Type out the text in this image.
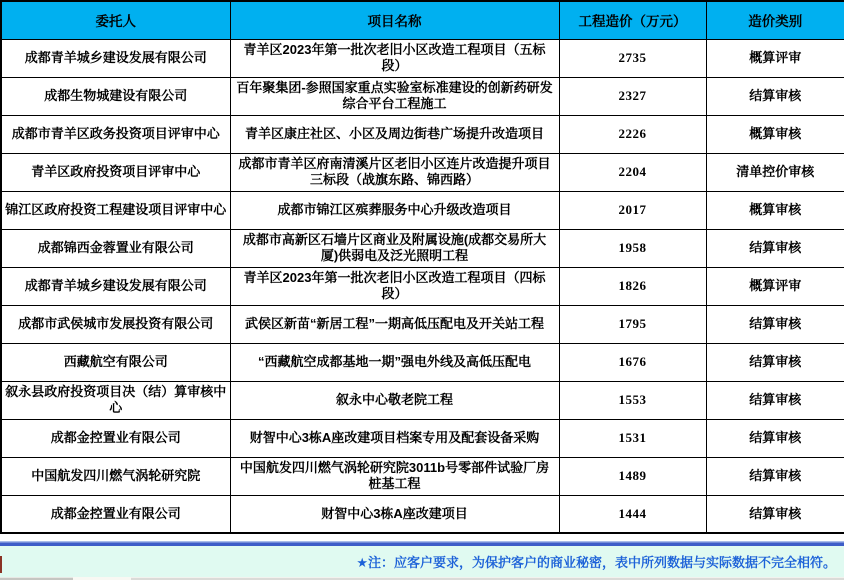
委托人	项目名称	工程造价（万元）	造价类别
成都青羊城乡建设发展有限公司	青羊区2023年第一批次老旧小区改造工程项目（五标段）	2735	概算评审
成都生物城建设有限公司	百年聚集团-参照国家重点实验室标准建设的创新药研发综合平台工程施工	2327	结算审核
成都市青羊区政务投资项目评审中心	青羊区康庄社区、小区及周边街巷广场提升改造项目	2226	概算审核
青羊区政府投资项目评审中心	成都市青羊区府南清溪片区老旧小区连片改造提升项目三标段（战旗东路、锦西路）	2204	清单控价审核
锦江区政府投资工程建设项目评审中心	成都市锦江区殡葬服务中心升级改造项目	2017	概算审核
成都锦西金蓉置业有限公司	成都市高新区石墙片区商业及附属设施(成都交易所大厦)供弱电及泛光照明工程	1958	结算审核
成都青羊城乡建设发展有限公司	青羊区2023年第一批次老旧小区改造工程项目（四标段）	1826	概算评审
成都市武侯城市发展投资有限公司	武侯区新苗“新居工程”一期高低压配电及开关站工程	1795	结算审核
西藏航空有限公司	“西藏航空成都基地一期”强电外线及高低压配电	1676	结算审核
叙永县政府投资项目决（结）算审核中心	叙永中心敬老院工程	1553	结算审核
成都金控置业有限公司	财智中心3栋A座改建项目档案专用及配套设备采购	1531	结算审核
中国航发四川燃气涡轮研究院	中国航发四川燃气涡轮研究院3011b号零部件试验厂房桩基工程	1489	结算审核
成都金控置业有限公司	财智中心3栋A座改建项目	1444	结算审核
★注：应客户要求，为保护客户的商业秘密，表中所列数据与实际数据不完全相符。
